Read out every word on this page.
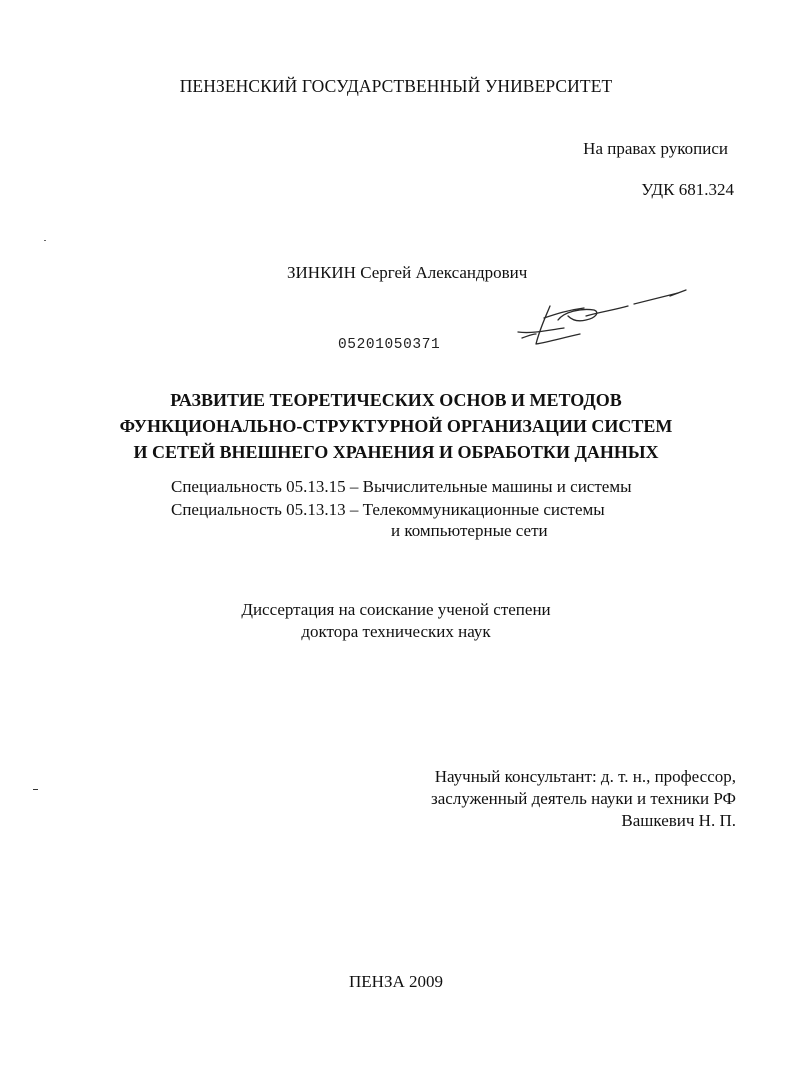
ПЕНЗЕНСКИЙ ГОСУДАРСТВЕННЫЙ УНИВЕРСИТЕТ
На правах рукописи
УДК 681.324
ЗИНКИН Сергей Александрович
05201050371
РАЗВИТИЕ ТЕОРЕТИЧЕСКИХ ОСНОВ И МЕТОДОВ
ФУНКЦИОНАЛЬНО-СТРУКТУРНОЙ ОРГАНИЗАЦИИ СИСТЕМ
И СЕТЕЙ ВНЕШНЕГО ХРАНЕНИЯ И ОБРАБОТКИ ДАННЫХ
Специальность 05.13.15 – Вычислительные машины и системы
Специальность 05.13.13 – Телекоммуникационные системы
и компьютерные сети
Диссертация на соискание ученой степени
доктора технических наук
Научный консультант: д. т. н., профессор,
заслуженный деятель науки и техники РФ
Вашкевич Н. П.
ПЕНЗА 2009
